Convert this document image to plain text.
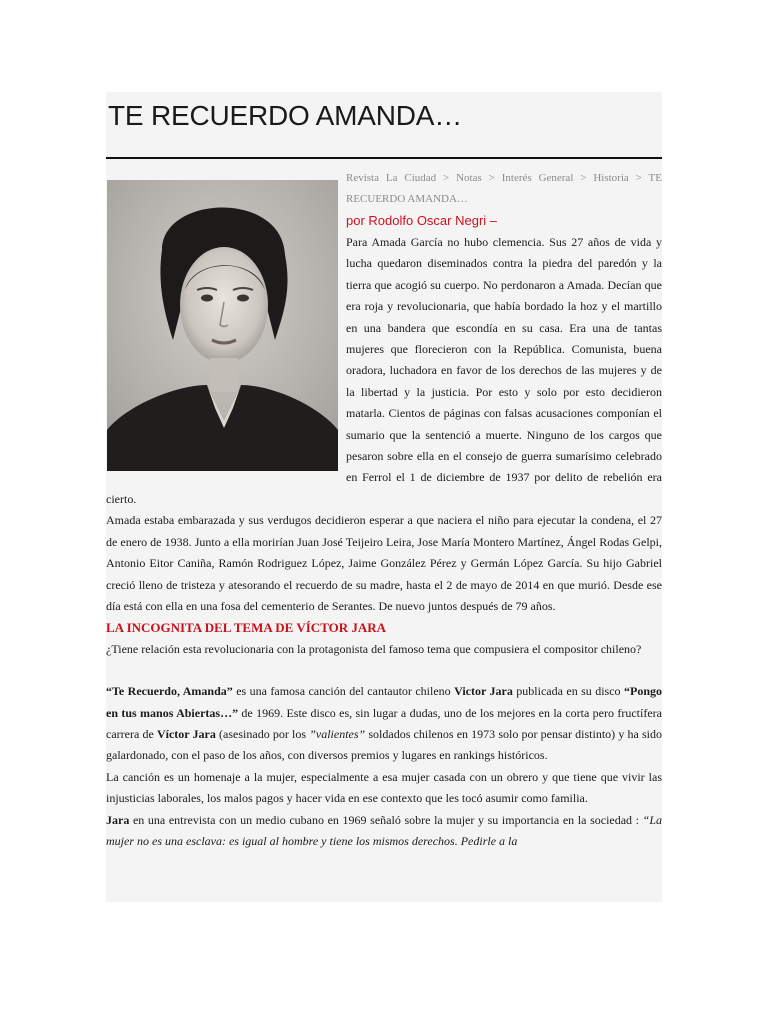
TE RECUERDO AMANDA…
Revista La Ciudad > Notas > Interés General > Historia > TE RECUERDO AMANDA…
por Rodolfo Oscar Negri –

Para Amada García no hubo clemencia. Sus 27 años de vida y lucha quedaron diseminados contra la piedra del paredón y la tierra que acogió su cuerpo. No perdonaron a Amada. Decían que era roja y revolucionaria, que había bordado la hoz y el martillo en una bandera que escondía en su casa. Era una de tantas mujeres que florecieron con la República. Comunista, buena oradora, luchadora en favor de los derechos de las mujeres y de la libertad y la justicia. Por esto y solo por esto decidieron matarla. Cientos de páginas con falsas acusaciones componían el sumario que la sentenció a muerte. Ninguno de los cargos que pesaron sobre ella en el consejo de guerra sumarísimo celebrado en Ferrol el 1 de diciembre de 1937 por delito de rebelión era cierto.

Amada estaba embarazada y sus verdugos decidieron esperar a que naciera el niño para ejecutar la condena, el 27 de enero de 1938. Junto a ella morirían Juan José Teijeiro Leira, Jose María Montero Martínez, Ángel Rodas Gelpi, Antonio Eitor Caniña, Ramón Rodriguez López, Jaime González Pérez y Germán López García. Su hijo Gabriel creció lleno de tristeza y atesorando el recuerdo de su madre, hasta el 2 de mayo de 2014 en que murió. Desde ese día está con ella en una fosa del cementerio de Serantes. De nuevo juntos después de 79 años.

LA INCOGNITA DEL TEMA DE VÍCTOR JARA

¿Tiene relación esta revolucionaria con la protagonista del famoso tema que compusiera el compositor chileno?

“Te Recuerdo, Amanda” es una famosa canción del cantautor chileno Victor Jara publicada en su disco “Pongo en tus manos Abiertas…” de 1969. Este disco es, sin lugar a dudas, uno de los mejores en la corta pero fructífera carrera de Víctor Jara (asesinado por los ”valientes” soldados chilenos en 1973 solo por pensar distinto) y ha sido galardonado, con el paso de los años, con diversos premios y lugares en rankings históricos.

La canción es un homenaje a la mujer, especialmente a esa mujer casada con un obrero y que tiene que vivir las injusticias laborales, los malos pagos y hacer vida en ese contexto que les tocó asumir como familia.

Jara en una entrevista con un medio cubano en 1969 señaló sobre la mujer y su importancia en la sociedad : “La mujer no es una esclava: es igual al hombre y tiene los mismos derechos. Pedirle a la
